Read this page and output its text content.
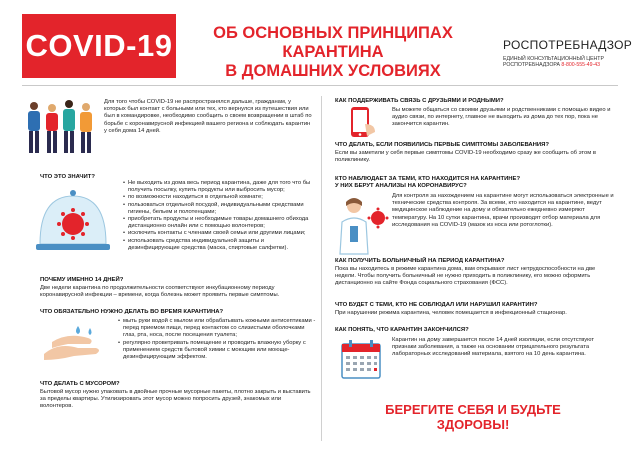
COVID-19	ОБ ОСНОВНЫХ ПРИНЦИПАХ КАРАНТИНА
В ДОМАШНИХ УСЛОВИЯХ
РОСПОТРЕБНАДЗОР
ЕДИНЫЙ КОНСУЛЬТАЦИОННЫЙ ЦЕНТР
РОСПОТРЕБНАДЗОРА 8-800-555-49-43
Для того чтобы COVID-19 не распространялся дальше, гражданам, у которых был контакт с больными или тех, кто вернулся из путешествия или был в командировке, необходимо сообщить о своем возвращении в штаб по борьбе с коронавирусной инфекцией вашего региона и соблюдать карантин у себя дома 14 дней.
ЧТО ЭТО ЗНАЧИТ?
• Не выходить из дома весь период карантина, даже для того что бы получить посылку, купить продукты или выбросить мусор;
• по возможности находиться в отдельной комнате;
• пользоваться отдельной посудой, индивидуальными средствами гигиены, бельем и полотенцами;
• приобретать продукты и необходимые товары домашнего обихода дистанционно онлайн или с помощью волонтеров;
• исключить контакты с членами своей семьи или другими лицами;
• использовать средства индивидуальной защиты и дезинфицирующие средства (маска, спиртовые салфетки).
ПОЧЕМУ ИМЕННО 14 ДНЕЙ?
Две недели карантина по продолжительности соответствуют инкубационному периоду коронавирусной инфекции – времени, когда болезнь может проявить первые симптомы.
ЧТО ОБЯЗАТЕЛЬНО НУЖНО ДЕЛАТЬ ВО ВРЕМЯ КАРАНТИНА?
• мыть руки водой с мылом или обрабатывать кожными антисептиками - перед приемом пищи, перед контактом со слизистыми оболочками глаз, рта, носа, после посещения туалета;
• регулярно проветривать помещение и проводить влажную уборку с применением средств бытовой химии с моющим или моюще-дезинфицирующим эффектом.
ЧТО ДЕЛАТЬ С МУСОРОМ?
Бытовой мусор нужно упаковать в двойные прочные мусорные пакеты, плотно закрыть и выставить за пределы квартиры. Утилизировать этот мусор можно попросить друзей, знакомых или волонтеров.
КАК ПОДДЕРЖИВАТЬ СВЯЗЬ С ДРУЗЬЯМИ И РОДНЫМИ?
Вы можете общаться со своими друзьями и родственниками с помощью видео и аудио связи, по интернету, главное не выходить из дома до тех пор, пока не закончится карантин.
ЧТО ДЕЛАТЬ, ЕСЛИ ПОЯВИЛИСЬ ПЕРВЫЕ СИМПТОМЫ ЗАБОЛЕВАНИЯ?
Если вы заметили у себя первые симптомы COVID-19 необходимо сразу же сообщить об этом в поликлинику.
КТО НАБЛЮДАЕТ ЗА ТЕМИ, КТО НАХОДИТСЯ НА КАРАНТИНЕ?
У НИХ БЕРУТ АНАЛИЗЫ НА КОРОНАВИРУС?
Для контроля за нахождением на карантине могут использоваться электронные и технические средства контроля. За всеми, кто находится на карантине, ведут медицинское наблюдение на дому и обязательно ежедневно измеряют температуру. На 10 сутки карантина, врачи производят отбор материала для исследования на COVID-19 (мазок из носа или ротоглотки).
КАК ПОЛУЧИТЬ БОЛЬНИЧНЫЙ НА ПЕРИОД КАРАНТИНА?
Пока вы находитесь в режиме карантина дома, вам открывают лист нетрудоспособности на две недели. Чтобы получить больничный не нужно приходить в поликлинику, его можно оформить дистанционно на сайте Фонда социального страхования (ФСС).
ЧТО БУДЕТ С ТЕМИ, КТО НЕ СОБЛЮДАЛ ИЛИ НАРУШИЛ КАРАНТИН?
При нарушении режима карантина, человек помещается в инфекционный стационар.
КАК ПОНЯТЬ, ЧТО КАРАНТИН ЗАКОНЧИЛСЯ?
Карантин на дому завершается после 14 дней изоляции, если отсутствуют признаки заболевания, а также на основании отрицательного результата лабораторных исследований материала, взятого на 10 день карантина.
БЕРЕГИТЕ СЕБЯ И БУДЬТЕ ЗДОРОВЫ!
